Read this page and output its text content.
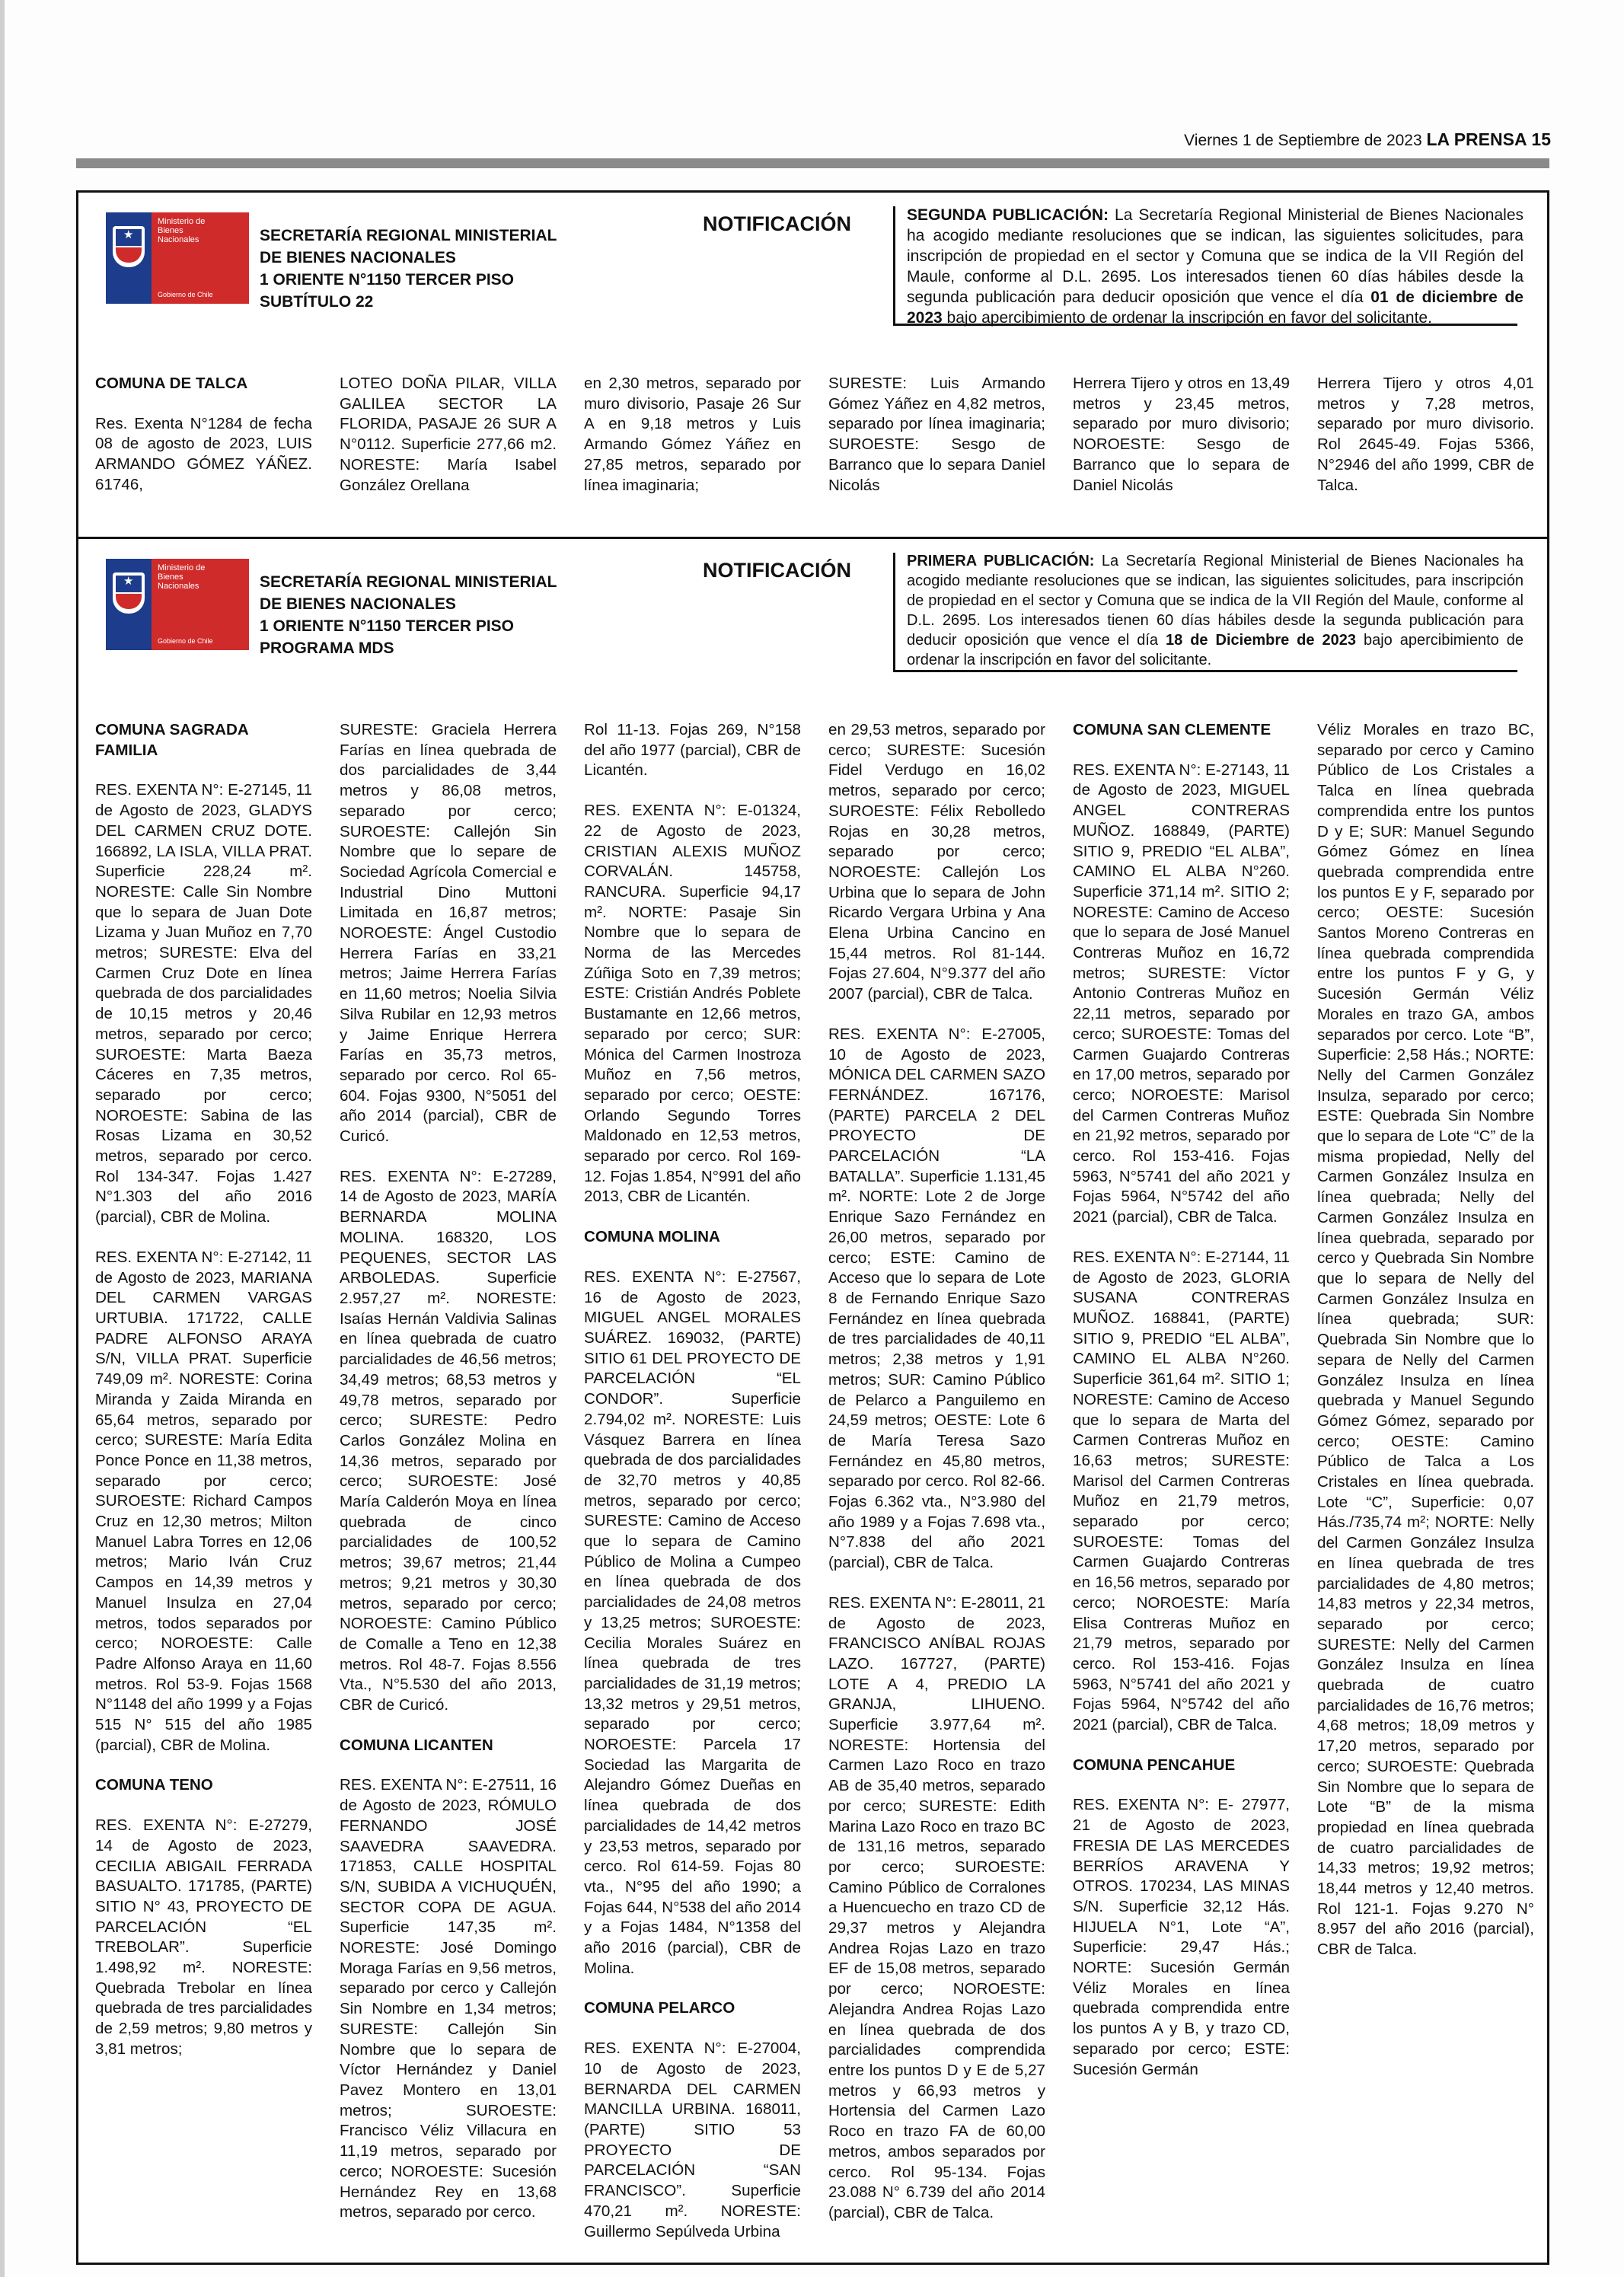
Viernes 1 de Septiembre de 2023 LA PRENSA 15
★
Ministerio de
Bienes
Nacionales
Gobierno de Chile
SECRETARÍA REGIONAL MINISTERIAL
DE BIENES NACIONALES
1 ORIENTE N°1150 TERCER PISO
SUBTÍTULO 22
NOTIFICACIÓN	SEGUNDA PUBLICACIÓN: La Secretaría Regional Ministerial de Bienes Nacionales ha acogido mediante resoluciones que se indican, las siguientes solicitudes, para inscripción de propiedad en el sector y Comuna que se indica de la VII Región del Maule, conforme al D.L. 2695. Los interesados tienen 60 días hábiles desde la segunda publicación para deducir oposición que vence el día 01 de diciembre de 2023 bajo apercibimiento de ordenar la inscripción en favor del solicitante.
COMUNA DE TALCA

Res. Exenta N°1284 de fecha 08 de agosto de 2023, LUIS ARMANDO GÓMEZ YÁÑEZ. 61746,

LOTEO DOÑA PILAR, VILLA GALILEA SECTOR LA FLORIDA, PASAJE 26 SUR A N°0112. Superficie 277,66 m2. NORESTE: María Isabel González Orellana

en 2,30 metros, separado por muro divisorio, Pasaje 26 Sur A en 9,18 metros y Luis Armando Gómez Yáñez en 27,85 metros, separado por línea imaginaria;

SURESTE: Luis Armando Gómez Yáñez en 4,82 metros, separado por línea imaginaria; SUROESTE: Sesgo de Barranco que lo separa Daniel Nicolás

Herrera Tijero y otros en 13,49 metros y 23,45 metros, separado por muro divisorio; NOROESTE: Sesgo de Barranco que lo separa de Daniel Nicolás

Herrera Tijero y otros 4,01 metros y 7,28 metros, separado por muro divisorio. Rol 2645-49. Fojas 5366, N°2946 del año 1999, CBR de Talca.

★
Ministerio de
Bienes
Nacionales
Gobierno de Chile
SECRETARÍA REGIONAL MINISTERIAL
DE BIENES NACIONALES
1 ORIENTE N°1150 TERCER PISO
PROGRAMA MDS
NOTIFICACIÓN	PRIMERA PUBLICACIÓN: La Secretaría Regional Ministerial de Bienes Nacionales ha acogido mediante resoluciones que se indican, las siguientes solicitudes, para inscripción de propiedad en el sector y Comuna que se indica de la VII Región del Maule, conforme al D.L. 2695. Los interesados tienen 60 días hábiles desde la segunda publicación para deducir oposición que vence el día 18 de Diciembre de 2023 bajo apercibimiento de ordenar la inscripción en favor del solicitante.
COMUNA SAGRADA FAMILIA

RES. EXENTA N°: E-27145, 11 de Agosto de 2023, GLADYS DEL CARMEN CRUZ DOTE. 166892, LA ISLA, VILLA PRAT. Superficie 228,24 m². NORESTE: Calle Sin Nombre que lo separa de Juan Dote Lizama y Juan Muñoz en 7,70 metros; SURESTE: Elva del Carmen Cruz Dote en línea quebrada de dos parcialidades de 10,15 metros y 20,46 metros, separado por cerco; SUROESTE: Marta Baeza Cáceres en 7,35 metros, separado por cerco; NOROESTE: Sabina de las Rosas Lizama en 30,52 metros, separado por cerco. Rol 134-347. Fojas 1.427 N°1.303 del año 2016 (parcial), CBR de Molina.

RES. EXENTA N°: E-27142, 11 de Agosto de 2023, MARIANA DEL CARMEN VARGAS URTUBIA. 171722, CALLE PADRE ALFONSO ARAYA S/N, VILLA PRAT. Superficie 749,09 m². NORESTE: Corina Miranda y Zaida Miranda en 65,64 metros, separado por cerco; SURESTE: María Edita Ponce Ponce en 11,38 metros, separado por cerco; SUROESTE: Richard Campos Cruz en 12,30 metros; Milton Manuel Labra Torres en 12,06 metros; Mario Iván Cruz Campos en 14,39 metros y Manuel Insulza en 27,04 metros, todos separados por cerco; NOROESTE: Calle Padre Alfonso Araya en 11,60 metros. Rol 53-9. Fojas 1568 N°1148 del año 1999 y a Fojas 515 N° 515 del año 1985 (parcial), CBR de Molina.

COMUNA TENO

RES. EXENTA N°: E-27279, 14 de Agosto de 2023, CECILIA ABIGAIL FERRADA BASUALTO. 171785, (PARTE) SITIO N° 43, PROYECTO DE PARCELACIÓN “EL TREBOLAR”. Superficie 1.498,92 m². NORESTE: Quebrada Trebolar en línea quebrada de tres parcialidades de 2,59 metros; 9,80 metros y 3,81 metros;

SURESTE: Graciela Herrera Farías en línea quebrada de dos parcialidades de 3,44 metros y 86,08 metros, separado por cerco; SUROESTE: Callejón Sin Nombre que lo separe de Sociedad Agrícola Comercial e Industrial Dino Muttoni Limitada en 16,87 metros; NOROESTE: Ángel Custodio Herrera Farías en 33,21 metros; Jaime Herrera Farías en 11,60 metros; Noelia Silvia Silva Rubilar en 12,93 metros y Jaime Enrique Herrera Farías en 35,73 metros, separado por cerco. Rol 65-604. Fojas 9300, N°5051 del año 2014 (parcial), CBR de Curicó.

RES. EXENTA N°: E-27289, 14 de Agosto de 2023, MARÍA BERNARDA MOLINA MOLINA. 168320, LOS PEQUENES, SECTOR LAS ARBOLEDAS. Superficie 2.957,27 m². NORESTE: Isaías Hernán Valdivia Salinas en línea quebrada de cuatro parcialidades de 46,56 metros; 34,49 metros; 68,53 metros y 49,78 metros, separado por cerco; SURESTE: Pedro Carlos González Molina en 14,36 metros, separado por cerco; SUROESTE: José María Calderón Moya en línea quebrada de cinco parcialidades de 100,52 metros; 39,67 metros; 21,44 metros; 9,21 metros y 30,30 metros, separado por cerco; NOROESTE: Camino Público de Comalle a Teno en 12,38 metros. Rol 48-7. Fojas 8.556 Vta., N°5.530 del año 2013, CBR de Curicó.

COMUNA LICANTEN

RES. EXENTA N°: E-27511, 16 de Agosto de 2023, RÓMULO FERNANDO JOSÉ SAAVEDRA SAAVEDRA. 171853, CALLE HOSPITAL S/N, SUBIDA A VICHUQUÉN, SECTOR COPA DE AGUA. Superficie 147,35 m². NORESTE: José Domingo Moraga Farías en 9,56 metros, separado por cerco y Callejón Sin Nombre en 1,34 metros; SURESTE: Callejón Sin Nombre que lo separa de Víctor Hernández y Daniel Pavez Montero en 13,01 metros; SUROESTE: Francisco Véliz Villacura en 11,19 metros, separado por cerco; NOROESTE: Sucesión Hernández Rey en 13,68 metros, separado por cerco.

Rol 11-13. Fojas 269, N°158 del año 1977 (parcial), CBR de Licantén.

RES. EXENTA N°: E-01324, 22 de Agosto de 2023, CRISTIAN ALEXIS MUÑOZ CORVALÁN. 145758, RANCURA. Superficie 94,17 m². NORTE: Pasaje Sin Nombre que lo separa de Norma de las Mercedes Zúñiga Soto en 7,39 metros; ESTE: Cristián Andrés Poblete Bustamante en 12,66 metros, separado por cerco; SUR: Mónica del Carmen Inostroza Muñoz en 7,56 metros, separado por cerco; OESTE: Orlando Segundo Torres Maldonado en 12,53 metros, separado por cerco. Rol 169-12. Fojas 1.854, N°991 del año 2013, CBR de Licantén.

COMUNA MOLINA

RES. EXENTA N°: E-27567, 16 de Agosto de 2023, MIGUEL ANGEL MORALES SUÁREZ. 169032, (PARTE) SITIO 61 DEL PROYECTO DE PARCELACIÓN “EL CONDOR”. Superficie 2.794,02 m². NORESTE: Luis Vásquez Barrera en línea quebrada de dos parcialidades de 32,70 metros y 40,85 metros, separado por cerco; SURESTE: Camino de Acceso que lo separa de Camino Público de Molina a Cumpeo en línea quebrada de dos parcialidades de 24,08 metros y 13,25 metros; SUROESTE: Cecilia Morales Suárez en línea quebrada de tres parcialidades de 31,19 metros; 13,32 metros y 29,51 metros, separado por cerco; NOROESTE: Parcela 17 Sociedad las Margarita de Alejandro Gómez Dueñas en línea quebrada de dos parcialidades de 14,42 metros y 23,53 metros, separado por cerco. Rol 614-59. Fojas 80 vta., N°95 del año 1990; a Fojas 644, N°538 del año 2014 y a Fojas 1484, N°1358 del año 2016 (parcial), CBR de Molina.

COMUNA PELARCO

RES. EXENTA N°: E-27004, 10 de Agosto de 2023, BERNARDA DEL CARMEN MANCILLA URBINA. 168011, (PARTE) SITIO 53 PROYECTO DE PARCELACIÓN “SAN FRANCISCO”. Superficie 470,21 m². NORESTE: Guillermo Sepúlveda Urbina

en 29,53 metros, separado por cerco; SURESTE: Sucesión Fidel Verdugo en 16,02 metros, separado por cerco; SUROESTE: Félix Rebolledo Rojas en 30,28 metros, separado por cerco; NOROESTE: Callejón Los Urbina que lo separa de John Ricardo Vergara Urbina y Ana Elena Urbina Cancino en 15,44 metros. Rol 81-144. Fojas 27.604, N°9.377 del año 2007 (parcial), CBR de Talca.

RES. EXENTA N°: E-27005, 10 de Agosto de 2023, MÓNICA DEL CARMEN SAZO FERNÁNDEZ. 167176, (PARTE) PARCELA 2 DEL PROYECTO DE PARCELACIÓN “LA BATALLA”. Superficie 1.131,45 m². NORTE: Lote 2 de Jorge Enrique Sazo Fernández en 26,00 metros, separado por cerco; ESTE: Camino de Acceso que lo separa de Lote 8 de Fernando Enrique Sazo Fernández en línea quebrada de tres parcialidades de 40,11 metros; 2,38 metros y 1,91 metros; SUR: Camino Público de Pelarco a Panguilemo en 24,59 metros; OESTE: Lote 6 de María Teresa Sazo Fernández en 45,80 metros, separado por cerco. Rol 82-66. Fojas 6.362 vta., N°3.980 del año 1989 y a Fojas 7.698 vta., N°7.838 del año 2021 (parcial), CBR de Talca.

RES. EXENTA N°: E-28011, 21 de Agosto de 2023, FRANCISCO ANÍBAL ROJAS LAZO. 167727, (PARTE) LOTE A 4, PREDIO LA GRANJA, LIHUENO. Superficie 3.977,64 m². NORESTE: Hortensia del Carmen Lazo Roco en trazo AB de 35,40 metros, separado por cerco; SURESTE: Edith Marina Lazo Roco en trazo BC de 131,16 metros, separado por cerco; SUROESTE: Camino Público de Corralones a Huencuecho en trazo CD de 29,37 metros y Alejandra Andrea Rojas Lazo en trazo EF de 15,08 metros, separado por cerco; NOROESTE: Alejandra Andrea Rojas Lazo en línea quebrada de dos parcialidades comprendida entre los puntos D y E de 5,27 metros y 66,93 metros y Hortensia del Carmen Lazo Roco en trazo FA de 60,00 metros, ambos separados por cerco. Rol 95-134. Fojas 23.088 N° 6.739 del año 2014 (parcial), CBR de Talca.

COMUNA SAN CLEMENTE

RES. EXENTA N°: E-27143, 11 de Agosto de 2023, MIGUEL ANGEL CONTRERAS MUÑOZ. 168849, (PARTE) SITIO 9, PREDIO “EL ALBA”, CAMINO EL ALBA N°260. Superficie 371,14 m². SITIO 2; NORESTE: Camino de Acceso que lo separa de José Manuel Contreras Muñoz en 16,72 metros; SURESTE: Víctor Antonio Contreras Muñoz en 22,11 metros, separado por cerco; SUROESTE: Tomas del Carmen Guajardo Contreras en 17,00 metros, separado por cerco; NOROESTE: Marisol del Carmen Contreras Muñoz en 21,92 metros, separado por cerco. Rol 153-416. Fojas 5963, N°5741 del año 2021 y Fojas 5964, N°5742 del año 2021 (parcial), CBR de Talca.

RES. EXENTA N°: E-27144, 11 de Agosto de 2023, GLORIA SUSANA CONTRERAS MUÑOZ. 168841, (PARTE) SITIO 9, PREDIO “EL ALBA”, CAMINO EL ALBA N°260. Superficie 361,64 m². SITIO 1; NORESTE: Camino de Acceso que lo separa de Marta del Carmen Contreras Muñoz en 16,63 metros; SURESTE: Marisol del Carmen Contreras Muñoz en 21,79 metros, separado por cerco; SUROESTE: Tomas del Carmen Guajardo Contreras en 16,56 metros, separado por cerco; NOROESTE: María Elisa Contreras Muñoz en 21,79 metros, separado por cerco. Rol 153-416. Fojas 5963, N°5741 del año 2021 y Fojas 5964, N°5742 del año 2021 (parcial), CBR de Talca.

COMUNA PENCAHUE

RES. EXENTA N°: E- 27977, 21 de Agosto de 2023, FRESIA DE LAS MERCEDES BERRÍOS ARAVENA Y OTROS. 170234, LAS MINAS S/N. Superficie 32,12 Hás. HIJUELA N°1, Lote “A”, Superficie: 29,47 Hás.; NORTE: Sucesión Germán Véliz Morales en línea quebrada comprendida entre los puntos A y B, y trazo CD, separado por cerco; ESTE: Sucesión Germán

Véliz Morales en trazo BC, separado por cerco y Camino Público de Los Cristales a Talca en línea quebrada comprendida entre los puntos D y E; SUR: Manuel Segundo Gómez Gómez en línea quebrada comprendida entre los puntos E y F, separado por cerco; OESTE: Sucesión Santos Moreno Contreras en línea quebrada comprendida entre los puntos F y G, y Sucesión Germán Véliz Morales en trazo GA, ambos separados por cerco. Lote “B”, Superficie: 2,58 Hás.; NORTE: Nelly del Carmen González Insulza, separado por cerco; ESTE: Quebrada Sin Nombre que lo separa de Lote “C” de la misma propiedad, Nelly del Carmen González Insulza en línea quebrada; Nelly del Carmen González Insulza en línea quebrada, separado por cerco y Quebrada Sin Nombre que lo separa de Nelly del Carmen González Insulza en línea quebrada; SUR: Quebrada Sin Nombre que lo separa de Nelly del Carmen González Insulza en línea quebrada y Manuel Segundo Gómez Gómez, separado por cerco; OESTE: Camino Público de Talca a Los Cristales en línea quebrada. Lote “C”, Superficie: 0,07 Hás./735,74 m²; NORTE: Nelly del Carmen González Insulza en línea quebrada de tres parcialidades de 4,80 metros; 14,83 metros y 22,34 metros, separado por cerco; SURESTE: Nelly del Carmen González Insulza en línea quebrada de cuatro parcialidades de 16,76 metros; 4,68 metros; 18,09 metros y 17,20 metros, separado por cerco; SUROESTE: Quebrada Sin Nombre que lo separa de Lote “B” de la misma propiedad en línea quebrada de cuatro parcialidades de 14,33 metros; 19,92 metros; 18,44 metros y 12,40 metros. Rol 121-1. Fojas 9.270 N° 8.957 del año 2016 (parcial), CBR de Talca.
